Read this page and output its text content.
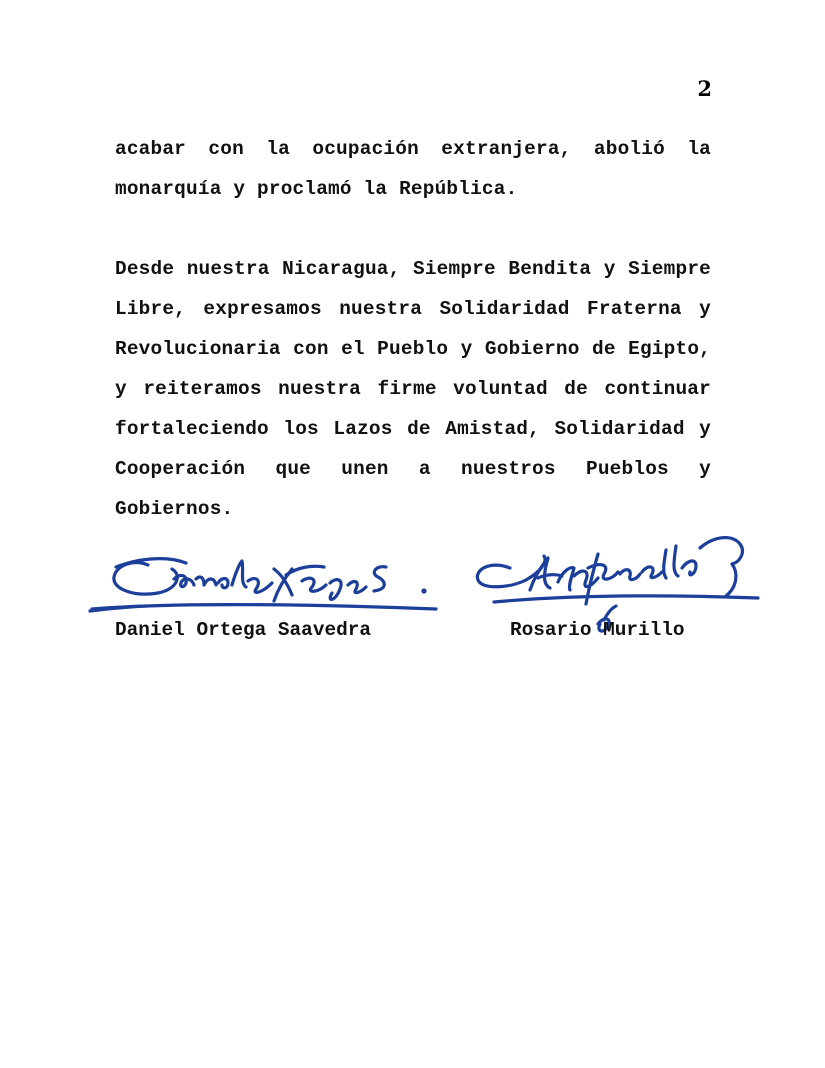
2

acabar con la ocupación extranjera, abolió la monarquía y proclamó la República.

Desde nuestra Nicaragua, Siempre Bendita y Siempre Libre, expresamos nuestra Solidaridad Fraterna y Revolucionaria con el Pueblo y Gobierno de Egipto, y reiteramos nuestra firme voluntad de continuar fortaleciendo los Lazos de Amistad, Solidaridad y Cooperación que unen a nuestros Pueblos y Gobiernos.

Daniel Ortega Saavedra	Rosario Murillo
